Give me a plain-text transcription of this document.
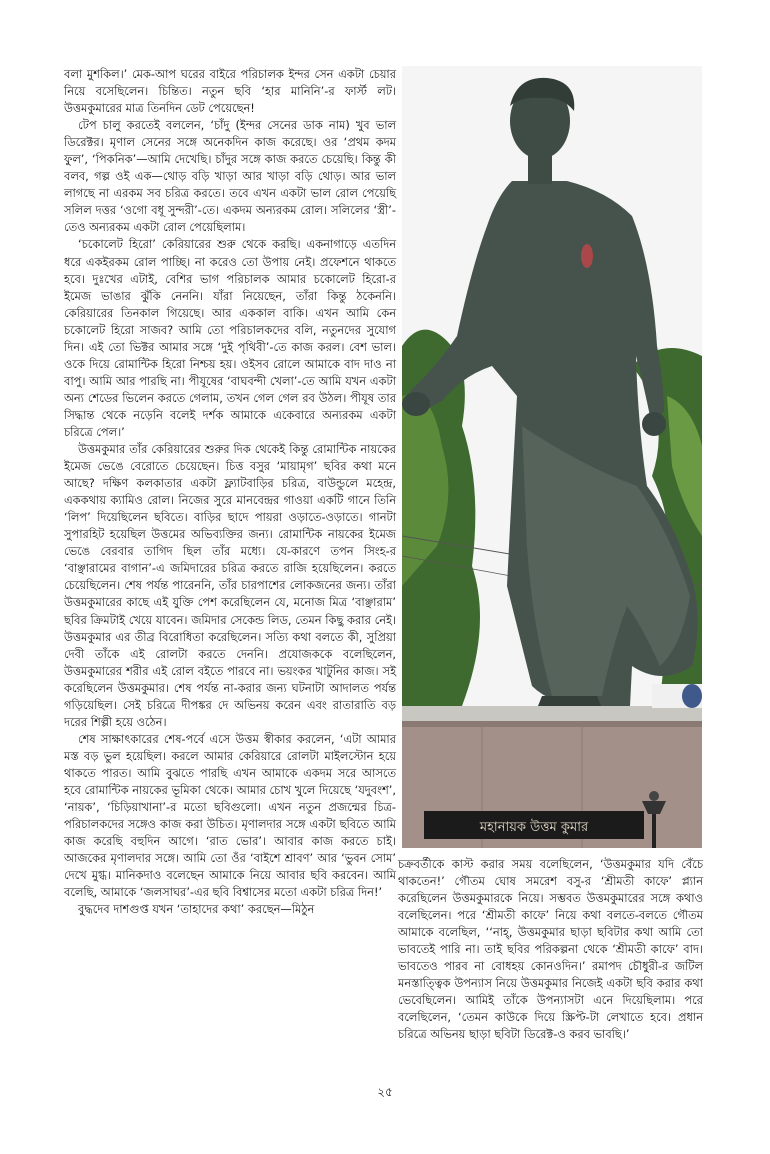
বলা মুশকিল।’ মেক-আপ ঘরের বাইরে পরিচালক ইন্দর সেন একটা চেয়ার নিয়ে বসেছিলেন। চিন্তিত। নতুন ছবি ‘হার মানিনি’-র ফার্স্ট লট। উত্তমকুমারের মাত্র তিনদিন ডেট পেয়েছেন!

টেপ চালু করতেই বললেন, ‘চাঁদু (ইন্দর সেনের ডাক নাম) খুব ভাল ডিরেক্টর। মৃণাল সেনের সঙ্গে অনেকদিন কাজ করেছে। ওর ‘প্রথম কদম ফুল’, ‘পিকনিক’—আমি দেখেছি। চাঁদুর সঙ্গে কাজ করতে চেয়েছি। কিন্তু কী বলব, গল্প ওই এক—থোড় বড়ি খাড়া আর খাড়া বড়ি থোড়। আর ভাল লাগছে না এরকম সব চরিত্র করতে। তবে এখন একটা ভাল রোল পেয়েছি সলিল দত্তর ‘ওগো বধূ সুন্দরী’-তে। একদম অন্যরকম রোল। সলিলের ‘স্ত্রী’-তেও অন্যরকম একটা রোল পেয়েছিলাম।

‘চকোলেট হিরো’ কেরিয়ারের শুরু থেকে করছি। একনাগাড়ে এতদিন ধরে একইরকম রোল পাচ্ছি। না করেও তো উপায় নেই। প্রফেশনে থাকতে হবে। দুঃখের এটাই, বেশির ভাগ পরিচালক আমার চকোলেট হিরো-র ইমেজ ভাঙার ঝুঁকি নেননি। যাঁরা নিয়েছেন, তাঁরা কিন্তু ঠকেননি। কেরিয়ারের তিনকাল গিয়েছে। আর এককাল বাকি। এখন আমি কেন চকোলেট হিরো সাজব? আমি তো পরিচালকদের বলি, নতুনদের সুযোগ দিন। এই তো ভিক্টর আমার সঙ্গে ‘দুই পৃথিবী’-তে কাজ করল। বেশ ভাল। ওকে দিয়ে রোমান্টিক হিরো নিশ্চয় হয়। ওইসব রোলে আমাকে বাদ দাও না বাপু। আমি আর পারছি না। পীযূষের ‘বাঘবন্দী খেলা’-তে আমি যখন একটা অন্য শেডের ভিলেন করতে গেলাম, তখন গেল গেল রব উঠল। পীযূষ তার সিদ্ধান্ত থেকে নড়েনি বলেই দর্শক আমাকে একেবারে অন্যরকম একটা চরিত্রে পেল।’

উত্তমকুমার তাঁর কেরিয়ারের শুরুর দিক থেকেই কিন্তু রোমান্টিক নায়কের ইমেজ ভেঙে বেরোতে চেয়েছেন। চিত্ত বসুর ‘মায়ামৃগ’ ছবির কথা মনে আছে? দক্ষিণ কলকাতার একটা ফ্ল্যাটবাড়ির চরিত্র, বাউন্ডুলে মহেন্দ্র, এককথায় ক্যামিও রোল। নিজের সুরে মানবেন্দ্রর গাওয়া একটি গানে তিনি ‘লিপ’ দিয়েছিলেন ছবিতে। বাড়ির ছাদে পায়রা ওড়াতে-ওড়াতে। গানটা সুপারহিট হয়েছিল উত্তমের অভিব্যক্তির জন্য। রোমান্টিক নায়কের ইমেজ ভেঙে বেরবার তাগিদ ছিল তাঁর মধ্যে। যে-কারণে তপন সিংহ-র ‘বাঞ্ছারামের বাগান’-এ জমিদারের চরিত্র করতে রাজি হয়েছিলেন। করতে চেয়েছিলেন। শেষ পর্যন্ত পারেননি, তাঁর চারপাশের লোকজনের জন্য। তাঁরা উত্তমকুমারের কাছে এই যুক্তি পেশ করেছিলেন যে, মনোজ মিত্র ‘বাঞ্ছারাম’ ছবির ক্রিমটাই খেয়ে যাবেন। জমিদার সেকেন্ড লিড, তেমন কিছু করার নেই। উত্তমকুমার এর তীব্র বিরোধিতা করেছিলেন। সত্যি কথা বলতে কী, সুপ্রিয়া দেবী তাঁকে এই রোলটা করতে দেননি। প্রযোজককে বলেছিলেন, উত্তমকুমারের শরীর এই রোল বইতে পারবে না। ভয়ংকর খাটুনির কাজ। সই করেছিলেন উত্তমকুমার। শেষ পর্যন্ত না-করার জন্য ঘটনাটা আদালত পর্যন্ত গড়িয়েছিল। সেই চরিত্রে দীপঙ্কর দে অভিনয় করেন এবং রাতারাতি বড় দরের শিল্পী হয়ে ওঠেন।

শেষ সাক্ষাৎকারের শেষ-পর্বে এসে উত্তম স্বীকার করলেন, ‘এটা আমার মস্ত বড় ভুল হয়েছিল। করলে আমার কেরিয়ারে রোলটা মাইলস্টোন হয়ে থাকতে পারত। আমি বুঝতে পারছি এখন আমাকে একদম সরে আসতে হবে রোমান্টিক নায়কের ভূমিকা থেকে। আমার চোখ খুলে দিয়েছে ‘যদুবংশ’, ‘নায়ক’, ‘চিড়িয়াখানা’-র মতো ছবিগুলো। এখন নতুন প্রজন্মের চিত্র-পরিচালকদের সঙ্গেও কাজ করা উচিত। মৃণালদার সঙ্গে একটা ছবিতে আমি কাজ করেছি বহুদিন আগে। ‘রাত ভোর’। আবার কাজ করতে চাই। আজকের মৃণালদার সঙ্গে। আমি তো ওঁর ‘বাইশে শ্রাবণ’ আর ‘ভুবন সোম’ দেখে মুগ্ধ। মানিকদাও বলেছেন আমাকে নিয়ে আবার ছবি করবেন। আমি বলেছি, আমাকে ‘জলসাঘর’-এর ছবি বিশ্বাসের মতো একটা চরিত্র দিন!’

বুদ্ধদেব দাশগুপ্ত যখন ‘তাহাদের কথা’ করছেন—মিঠুন

মহানায়ক উত্তম কুমার

চক্রবর্তীকে কাস্ট করার সময় বলেছিলেন, ‘উত্তমকুমার যদি বেঁচে থাকতেন!’ গৌতম ঘোষ সমরেশ বসু-র ‘শ্রীমতী কাফে’ প্ল্যান করেছিলেন উত্তমকুমারকে নিয়ে। সম্ভবত উত্তমকুমারের সঙ্গে কথাও বলেছিলেন। পরে ‘শ্রীমতী কাফে’ নিয়ে কথা বলতে-বলতে গৌতম আমাকে বলেছিল, ‘‘নাহ্‌, উত্তমকুমার ছাড়া ছবিটার কথা আমি তো ভাবতেই পারি না। তাই ছবির পরিকল্পনা থেকে ‘শ্রীমতী কাফে’ বাদ। ভাবতেও পারব না বোধহয় কোনওদিন।’ রমাপদ চৌধুরী-র জটিল মনস্তাত্ত্বিক উপন্যাস নিয়ে উত্তমকুমার নিজেই একটা ছবি করার কথা ভেবেছিলেন। আমিই তাঁকে উপন্যাসটা এনে দিয়েছিলাম। পরে বলেছিলেন, ‘তেমন কাউকে দিয়ে স্ক্রিপ্ট-টা লেখাতে হবে। প্রধান চরিত্রে অভিনয় ছাড়া ছবিটা ডিরেক্ট-ও করব ভাবছি।’

২৫
